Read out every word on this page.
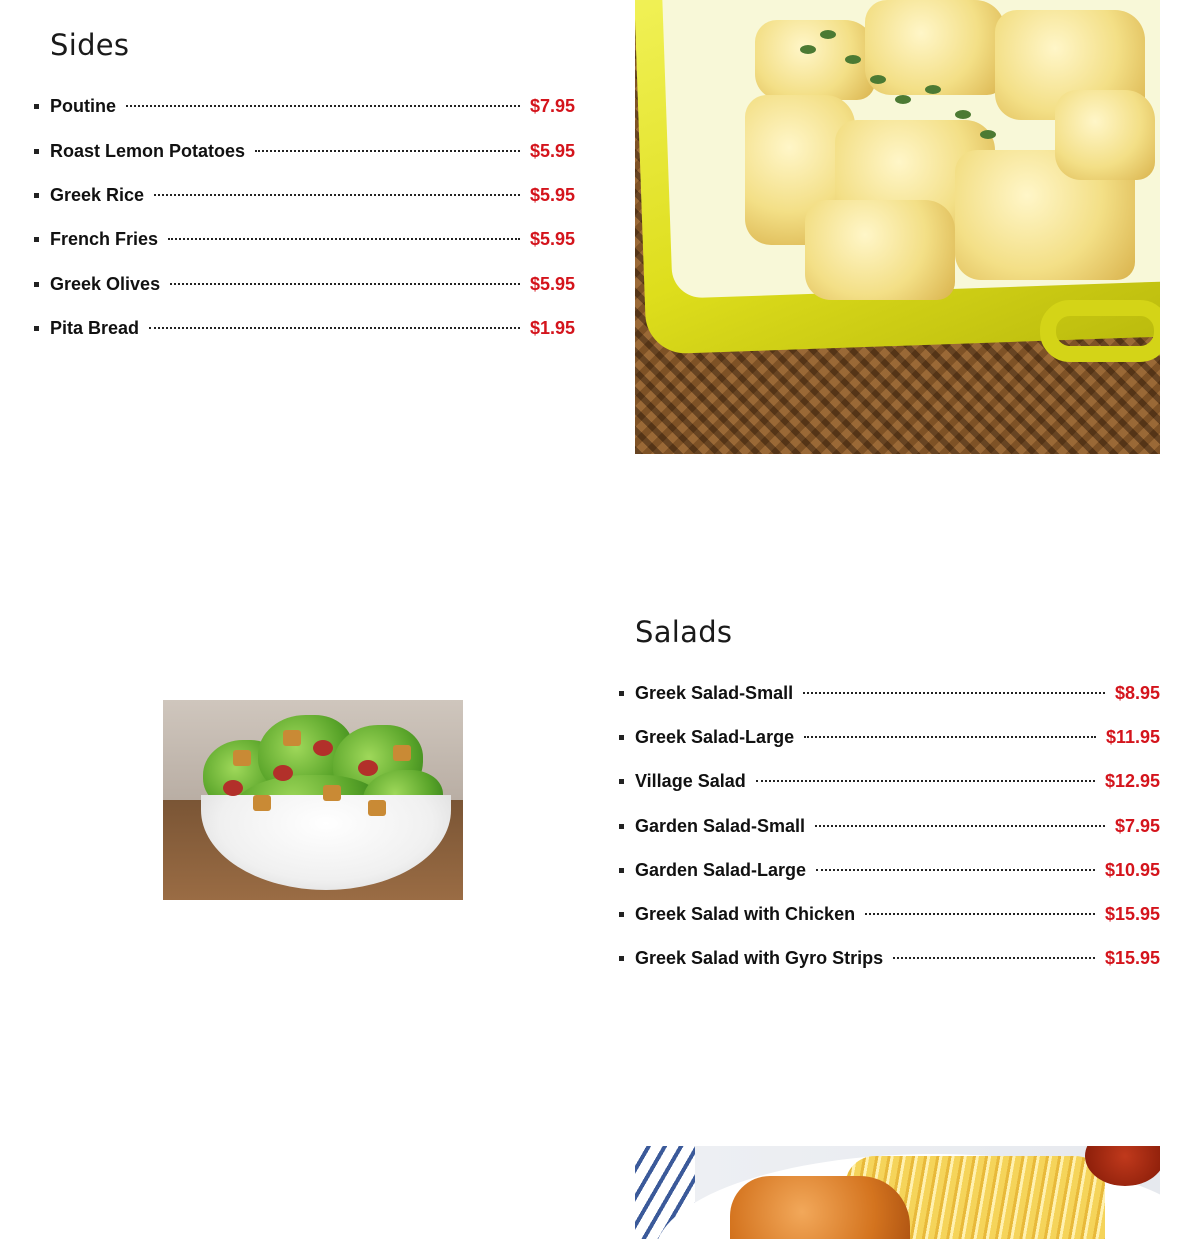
Sides
Poutine	$7.95
Roast Lemon Potatoes	$5.95
Greek Rice	$5.95
French Fries	$5.95
Greek Olives	$5.95
Pita Bread	$1.95
Salads
Greek Salad-Small	$8.95
Greek Salad-Large	$11.95
Village Salad	$12.95
Garden Salad-Small	$7.95
Garden Salad-Large	$10.95
Greek Salad with Chicken	$15.95
Greek Salad with Gyro Strips	$15.95
